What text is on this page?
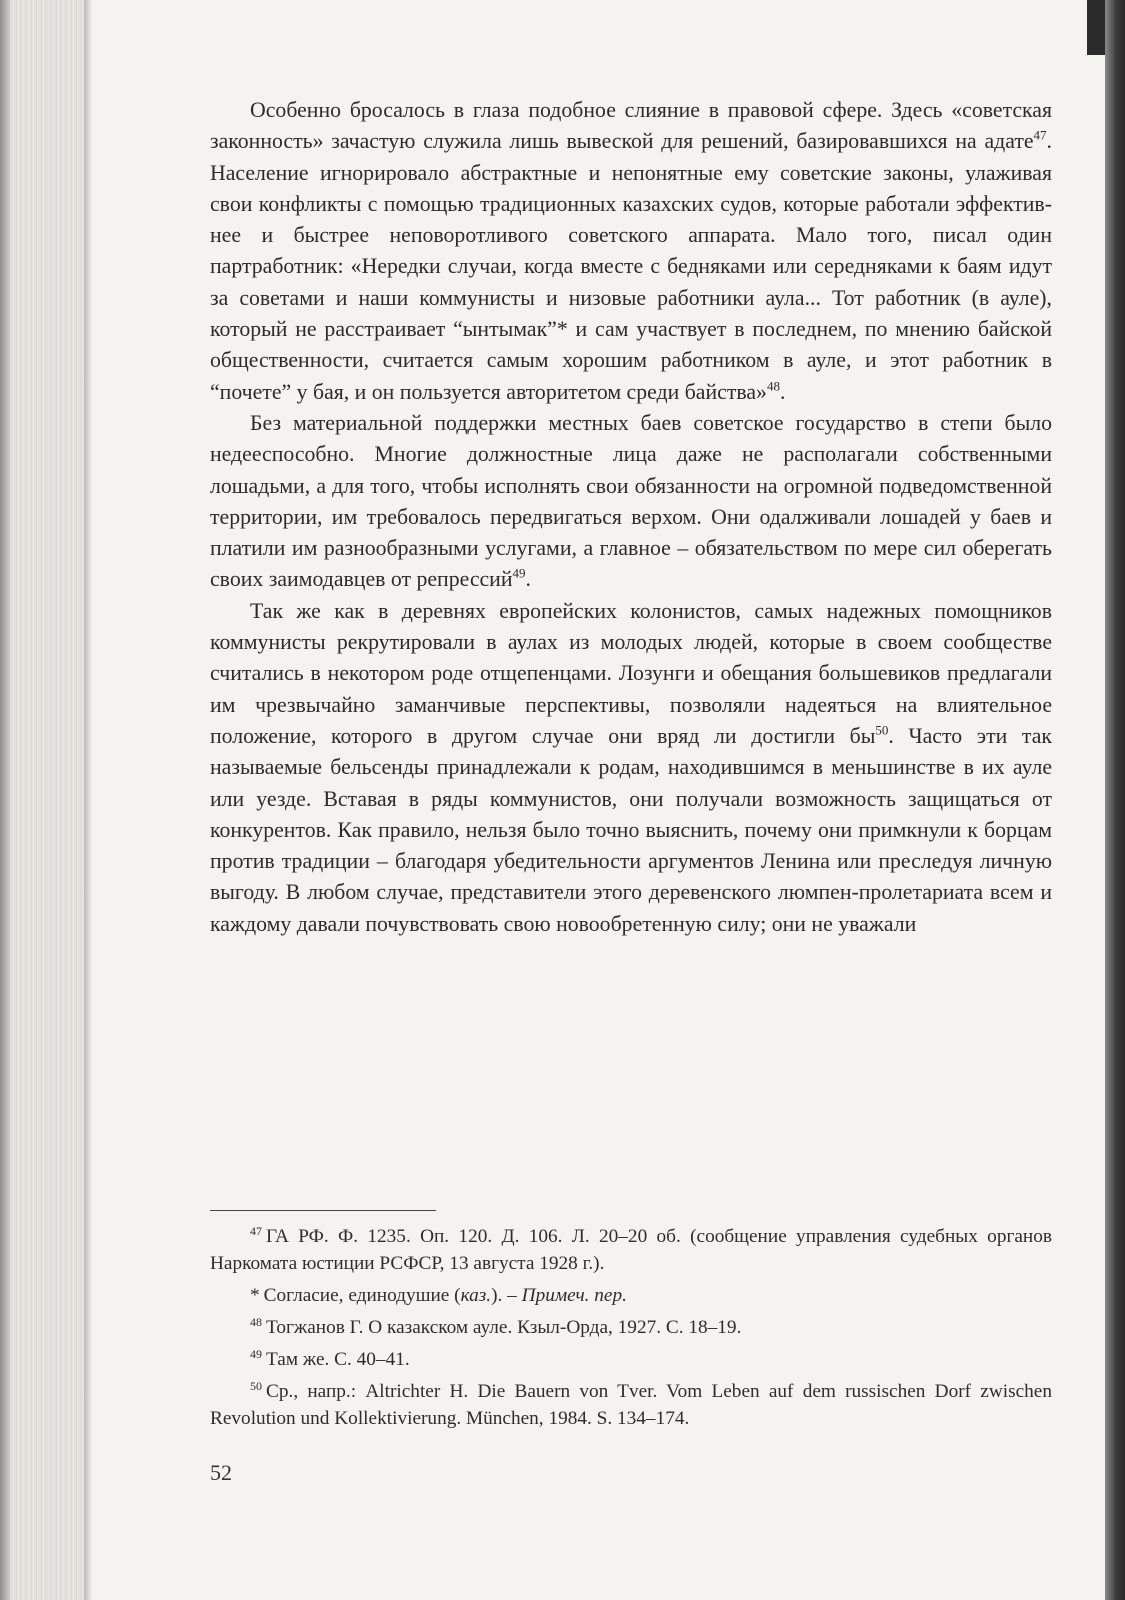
Особенно бросалось в глаза подобное слияние в правовой сфере. Здесь «советская законность» зачастую служила лишь вывеской для решений, базировавшихся на адате$^{47}$. Население игнорировало абстрактные и непонятные ему советские законы, улаживая свои конфликты с помощью традиционных казахских судов, которые работали эффективнее и быстрее неповоротливого советского аппарата. Мало того, писал один партработник: «Нередки случаи, когда вместе с бедняками или середняками к баям идут за советами и наши коммунисты и низовые работники аула... Тот работник (в ауле), который не расстраивает “ынтымак”* и сам участвует в последнем, по мнению байской общественности, считается самым хорошим работником в ауле, и этот работник в “почете” у бая, и он пользуется авторитетом среди байства»$^{48}$.

Без материальной поддержки местных баев советское государство в степи было недееспособно. Многие должностные лица даже не располагали собственными лошадьми, а для того, чтобы исполнять свои обязанности на огромной подведомственной территории, им требовалось передвигаться верхом. Они одалживали лошадей у баев и платили им разнообразными услугами, а главное – обязательством по мере сил оберегать своих заимодавцев от репрессий$^{49}$.

Так же как в деревнях европейских колонистов, самых надежных помощников коммунисты рекрутировали в аулах из молодых людей, которые в своем сообществе считались в некотором роде отщепенцами. Лозунги и обещания большевиков предлагали им чрезвычайно заманчивые перспективы, позволяли надеяться на влиятельное положение, которого в другом случае они вряд ли достигли $бы^{50}$. Часто эти так называемые бельсенды принадлежали к родам, находившимся в меньшинстве в их ауле или уезде. Вставая в ряды коммунистов, они получали возможность защищаться от конкурентов. Как правило, нельзя было точно выяснить, почему они примкнули к борцам против традиции – благодаря убедительности аргументов Ленина или преследуя личную выгоду. В любом случае, представители этого деревенского люмпен-пролетариата всем и каждому давали почувствовать свою новообретенную силу; они не уважали

$^{47}$ ГА РФ. Ф. 1235. Оп. 120. Д. 106. Л. 20–20 об. (сообщение управления судебных органов Наркомата юстиции РСФСР, 13 августа 1928 г.).

* Согласие, единодушие (каз.). – Примеч. пер.

$^{48}$ Тогжанов Г. О казакском ауле. Кзыл-Орда, 1927. С. 18–19.

$^{49}$ Там же. С. 40–41.

$^{50}$ Ср., напр.: Altrichter H. Die Bauern von Tver. Vom Leben auf dem russischen Dorf zwischen Revolution und Kollektivierung. München, 1984. S. 134–174.

52
